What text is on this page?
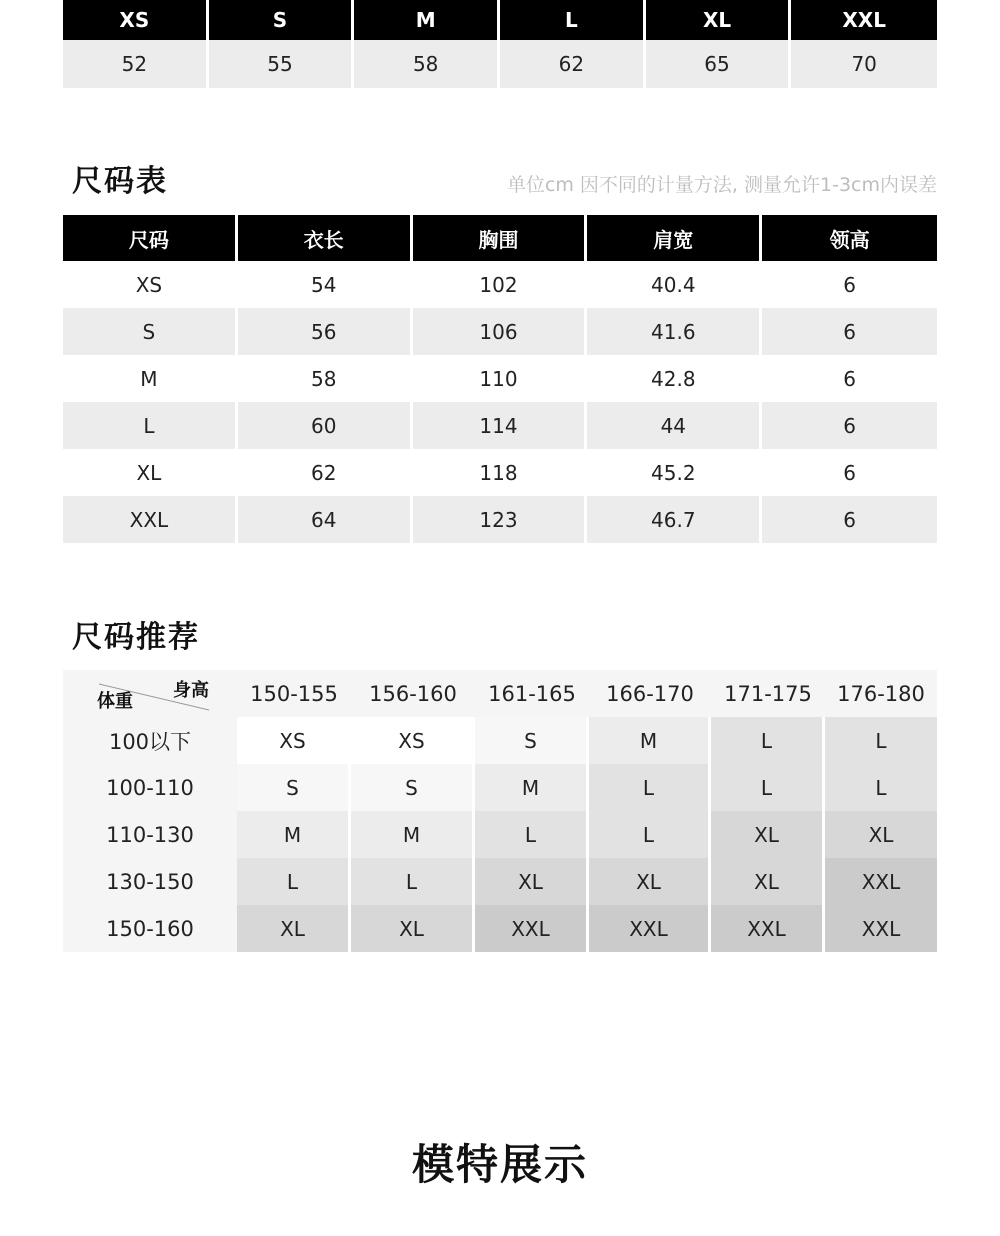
XS	S	M	L	XL	XXL
52	55	58	62	65	70
尺码表	单位cm 因不同的计量方法, 测量允许1-3cm内误差
尺码	衣长	胸围	肩宽	领高
XS	54	102	40.4	6
S	56	106	41.6	6
M	58	110	42.8	6
L	60	114	44	6
XL	62	118	45.2	6
XXL	64	123	46.7	6
尺码推荐
身高
体重	150-155	156-160	161-165	166-170	171-175	176-180
100以下	XS	XS	S	M	L	L
100-110	S	S	M	L	L	L
110-130	M	M	L	L	XL	XL
130-150	L	L	XL	XL	XL	XXL
150-160	XL	XL	XXL	XXL	XXL	XXL
模特展示
